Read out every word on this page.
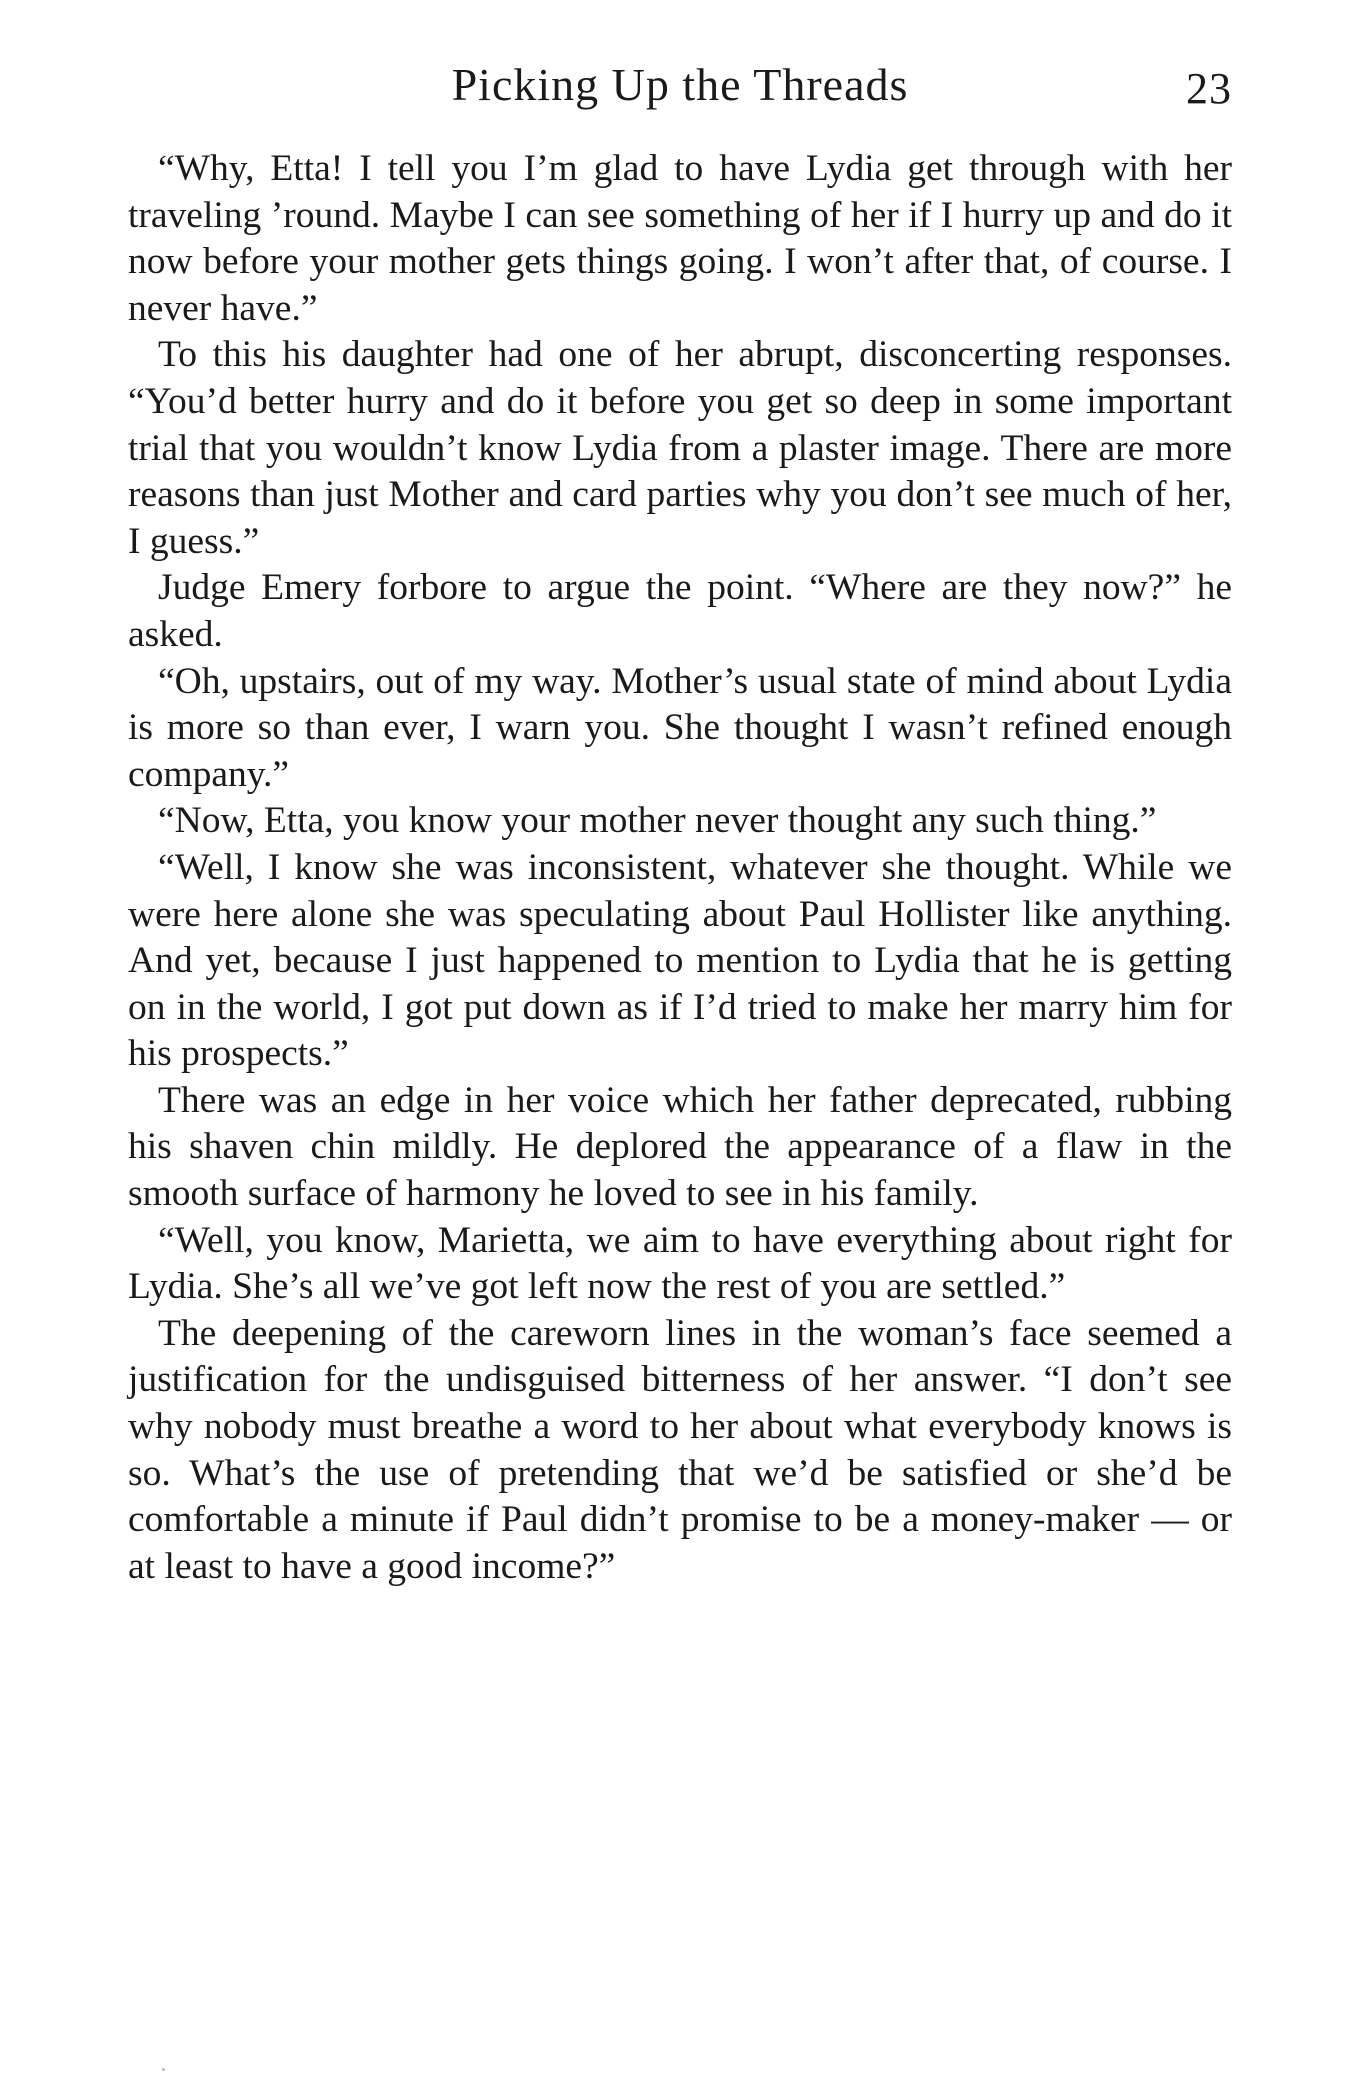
Picking Up the Threads	23

“Why, Etta! I tell you I’m glad to have Lydia get through with her traveling ’round. Maybe I can see something of her if I hurry up and do it now before your mother gets things going. I won’t after that, of course. I never have.”

To this his daughter had one of her abrupt, disconcerting responses. “You’d better hurry and do it before you get so deep in some important trial that you wouldn’t know Lydia from a plaster image. There are more reasons than just Mother and card parties why you don’t see much of her, I guess.”

Judge Emery forbore to argue the point. “Where are they now?” he asked.

“Oh, upstairs, out of my way. Mother’s usual state of mind about Lydia is more so than ever, I warn you. She thought I wasn’t refined enough company.”

“Now, Etta, you know your mother never thought any such thing.”

“Well, I know she was inconsistent, whatever she thought. While we were here alone she was speculating about Paul Hollister like anything. And yet, because I just happened to mention to Lydia that he is getting on in the world, I got put down as if I’d tried to make her marry him for his prospects.”

There was an edge in her voice which her father deprecated, rubbing his shaven chin mildly. He deplored the appearance of a flaw in the smooth surface of harmony he loved to see in his family.

“Well, you know, Marietta, we aim to have everything about right for Lydia. She’s all we’ve got left now the rest of you are settled.”

The deepening of the careworn lines in the woman’s face seemed a justification for the undisguised bitterness of her answer. “I don’t see why nobody must breathe a word to her about what everybody knows is so. What’s the use of pretending that we’d be satisfied or she’d be comfortable a minute if Paul didn’t promise to be a money-maker — or at least to have a good income?”
